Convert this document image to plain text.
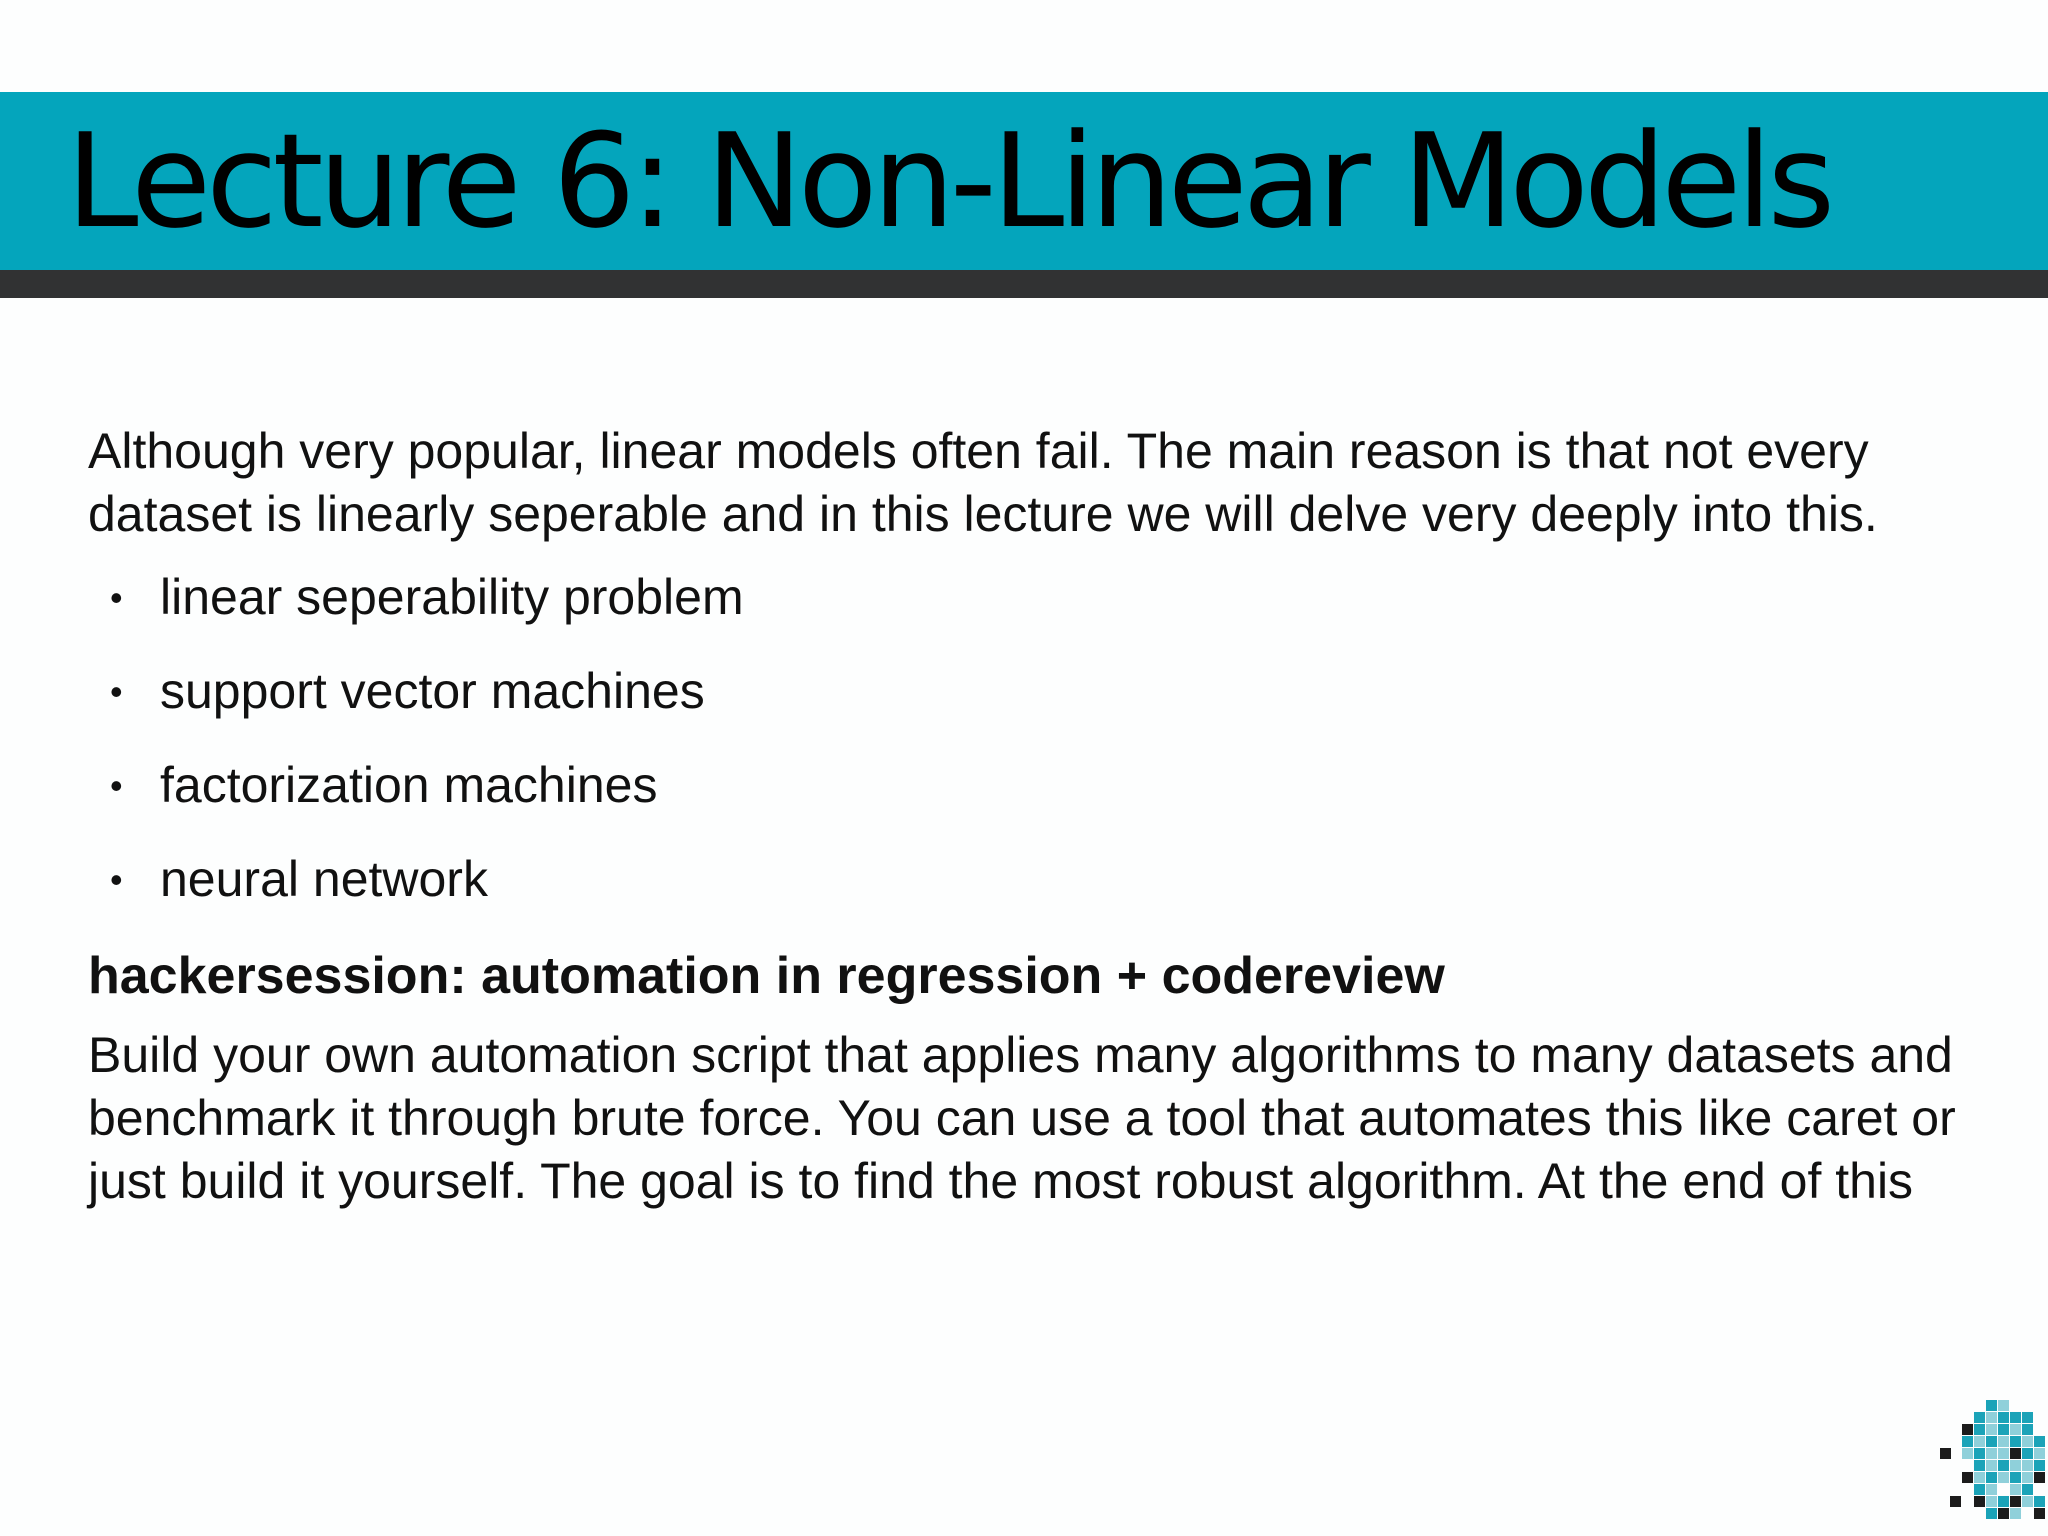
Lecture 6: Non-Linear Models

Although very popular, linear models often fail. The main reason is that not every dataset is linearly seperable and in this lecture we will delve very deeply into this.

• linear seperability problem
• support vector machines
• factorization machines
• neural network
hackersession: automation in regression + codereview

Build your own automation script that applies many algorithms to many datasets and benchmark it through brute force. You can use a tool that automates this like caret or just build it yourself. The goal is to find the most robust algorithm. At the end of this
